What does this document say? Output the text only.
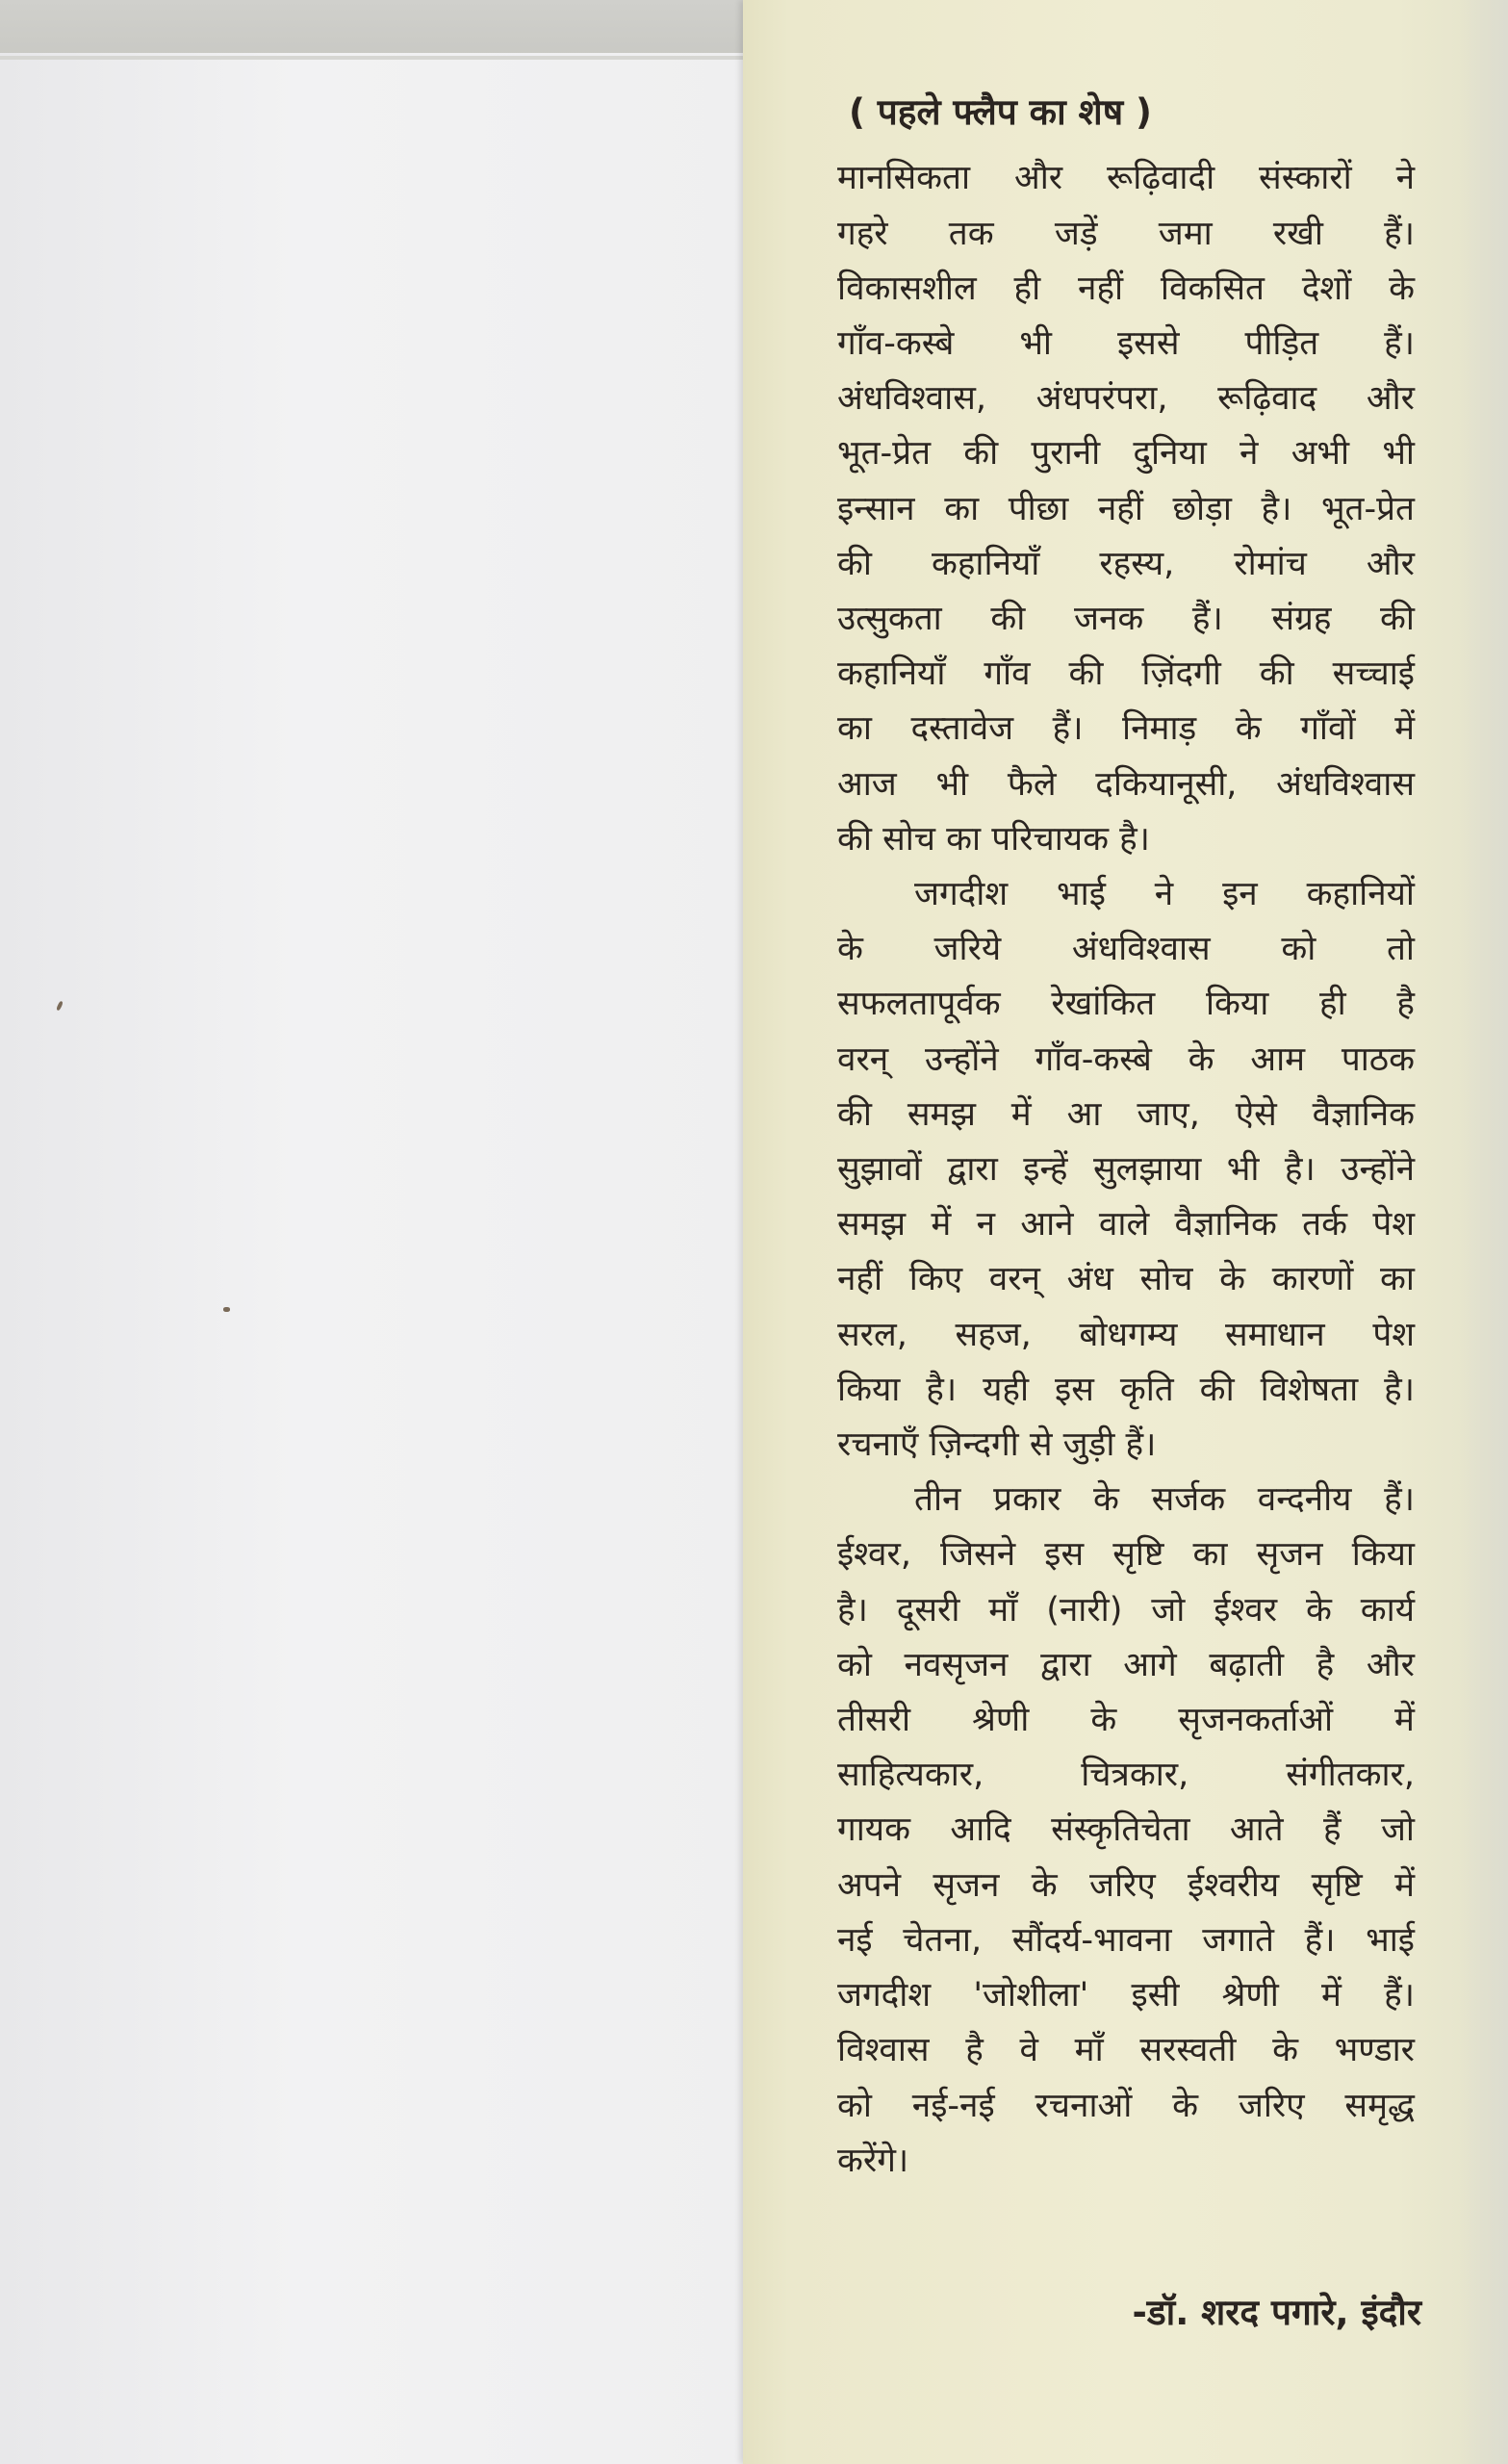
( पहले फ्लैप का शेष )
मानसिकता और रूढ़िवादी संस्कारों ने
गहरे तक जड़ें जमा रखी हैं।
विकासशील ही नहीं विकसित देशों के
गाँव-कस्बे भी इससे पीड़ित हैं।
अंधविश्वास, अंधपरंपरा, रूढ़िवाद और
भूत-प्रेत की पुरानी दुनिया ने अभी भी
इन्सान का पीछा नहीं छोड़ा है। भूत-प्रेत
की कहानियाँ रहस्य, रोमांच और
उत्सुकता की जनक हैं। संग्रह की
कहानियाँ गाँव की ज़िंदगी की सच्चाई
का दस्तावेज हैं। निमाड़ के गाँवों में
आज भी फैले दकियानूसी, अंधविश्वास
की सोच का परिचायक है।
जगदीश भाई ने इन कहानियों
के जरिये अंधविश्वास को तो
सफलतापूर्वक रेखांकित किया ही है
वरन् उन्होंने गाँव-कस्बे के आम पाठक
की समझ में आ जाए, ऐसे वैज्ञानिक
सुझावों द्वारा इन्हें सुलझाया भी है। उन्होंने
समझ में न आने वाले वैज्ञानिक तर्क पेश
नहीं किए वरन् अंध सोच के कारणों का
सरल, सहज, बोधगम्य समाधान पेश
किया है। यही इस कृति की विशेषता है।
रचनाएँ ज़िन्दगी से जुड़ी हैं।
तीन प्रकार के सर्जक वन्दनीय हैं।
ईश्वर, जिसने इस सृष्टि का सृजन किया
है। दूसरी माँ (नारी) जो ईश्वर के कार्य
को नवसृजन द्वारा आगे बढ़ाती है और
तीसरी श्रेणी के सृजनकर्ताओं में
साहित्यकार, चित्रकार, संगीतकार,
गायक आदि संस्कृतिचेता आते हैं जो
अपने सृजन के जरिए ईश्वरीय सृष्टि में
नई चेतना, सौंदर्य-भावना जगाते हैं। भाई
जगदीश 'जोशीला' इसी श्रेणी में हैं।
विश्वास है वे माँ सरस्वती के भण्डार
को नई-नई रचनाओं के जरिए समृद्ध
करेंगे।
-डॉ. शरद पगारे, इंदौर
